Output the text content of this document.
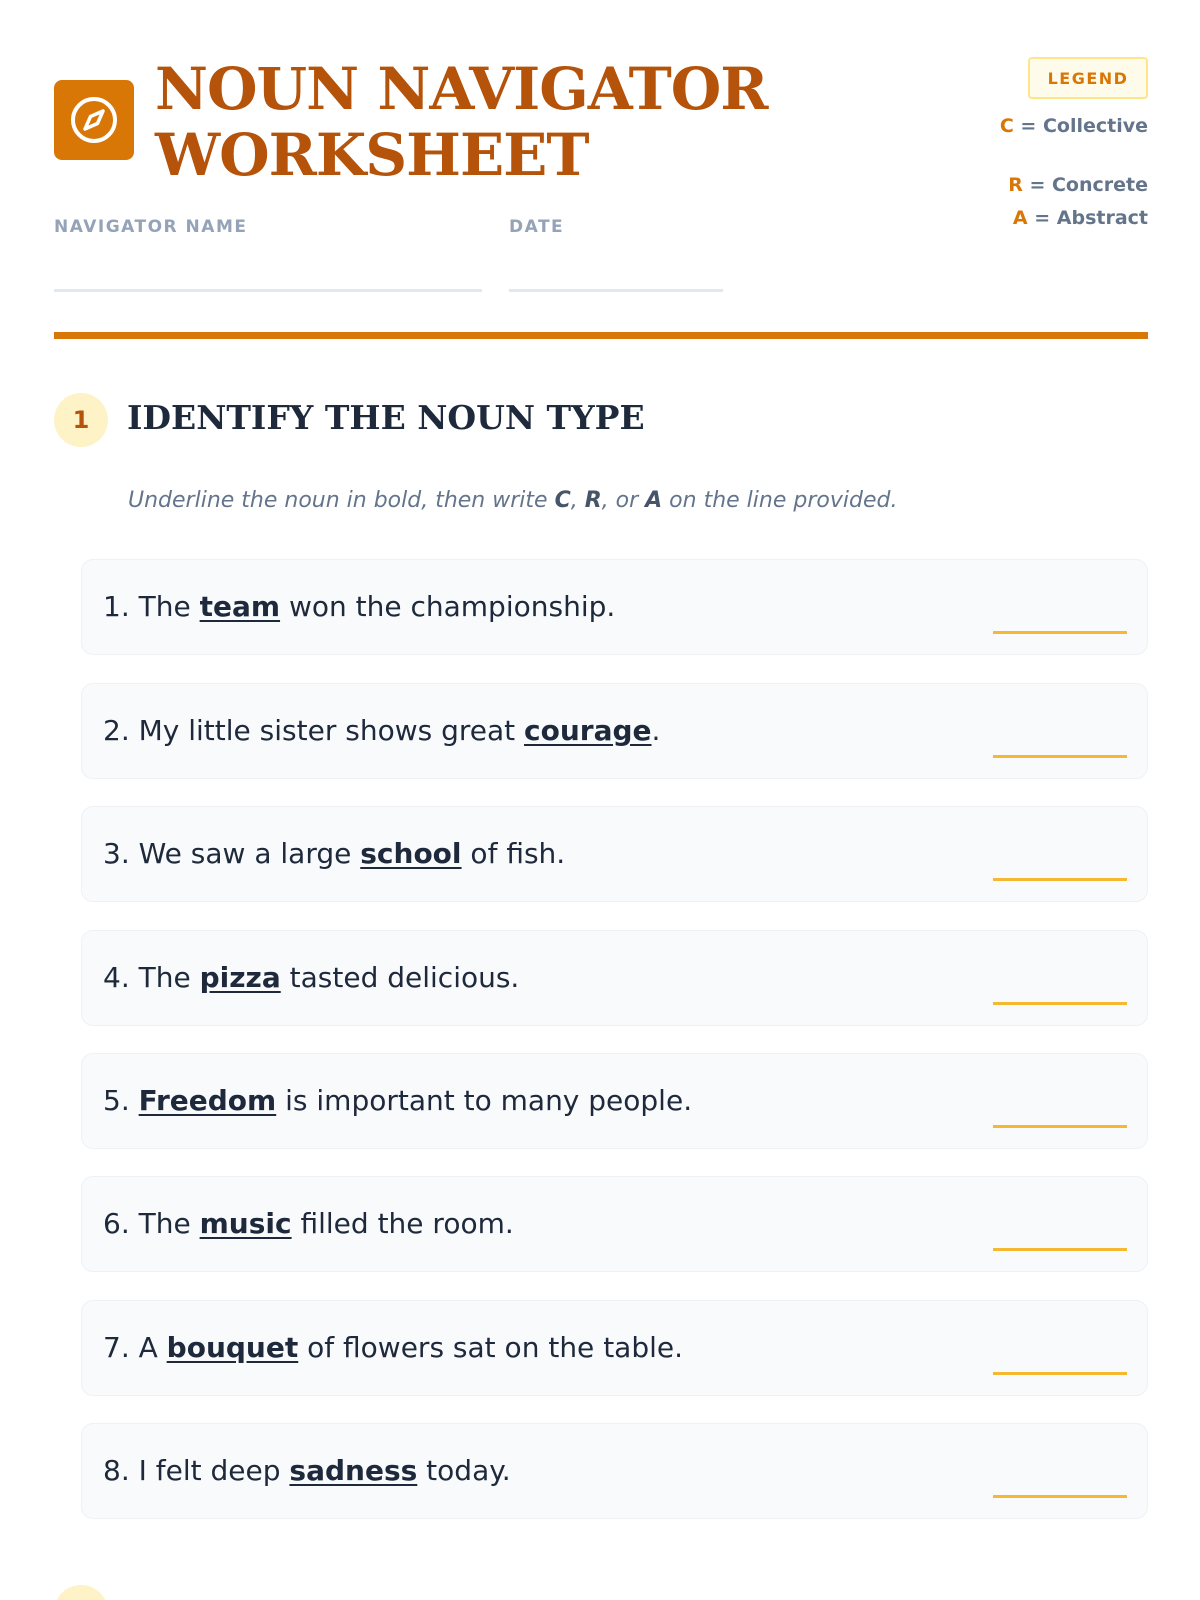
NOUN NAVIGATOR
WORKSHEET
NAVIGATOR NAME	DATE
LEGEND
C = Collective
R = Concrete
A = Abstract
1	IDENTIFY THE NOUN TYPE
Underline the noun in bold, then write C, R, or A on the line provided.
1. The team won the championship.
2. My little sister shows great courage.
3. We saw a large school of fish.
4. The pizza tasted delicious.
5. Freedom is important to many people.
6. The music filled the room.
7. A bouquet of flowers sat on the table.
8. I felt deep sadness today.
